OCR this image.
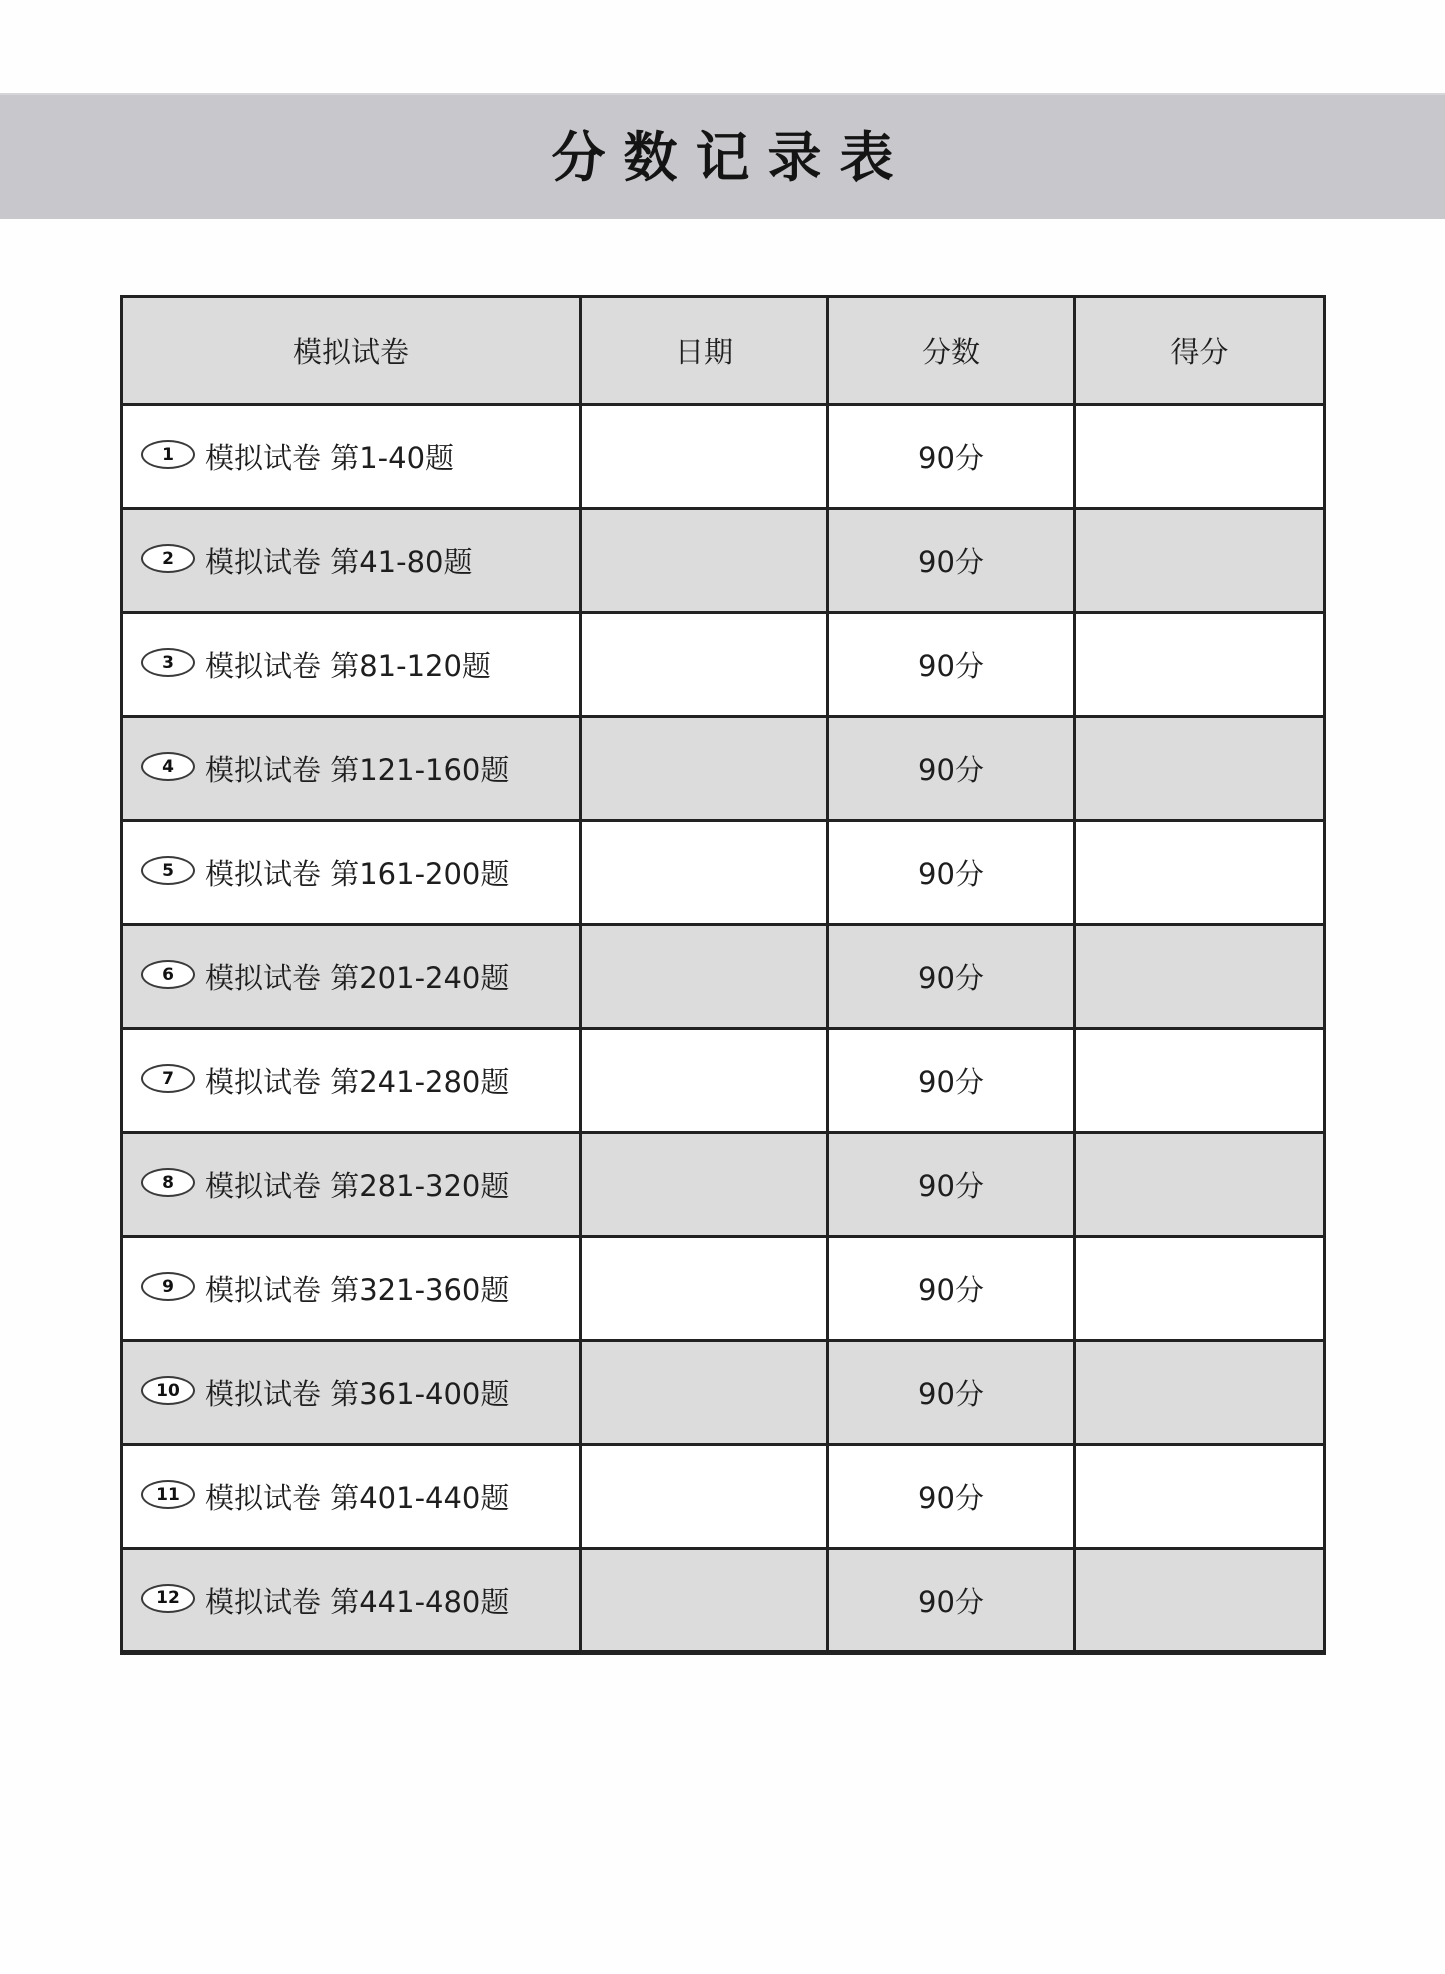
分数记录表
模拟试卷	日期	分数	得分
1 模拟试卷 第1-40题		90分	
2 模拟试卷 第41-80题		90分	
3 模拟试卷 第81-120题		90分	
4 模拟试卷 第121-160题		90分	
5 模拟试卷 第161-200题		90分	
6 模拟试卷 第201-240题		90分	
7 模拟试卷 第241-280题		90分	
8 模拟试卷 第281-320题		90分	
9 模拟试卷 第321-360题		90分	
10 模拟试卷 第361-400题		90分	
11 模拟试卷 第401-440题		90分	
12 模拟试卷 第441-480题		90分	
